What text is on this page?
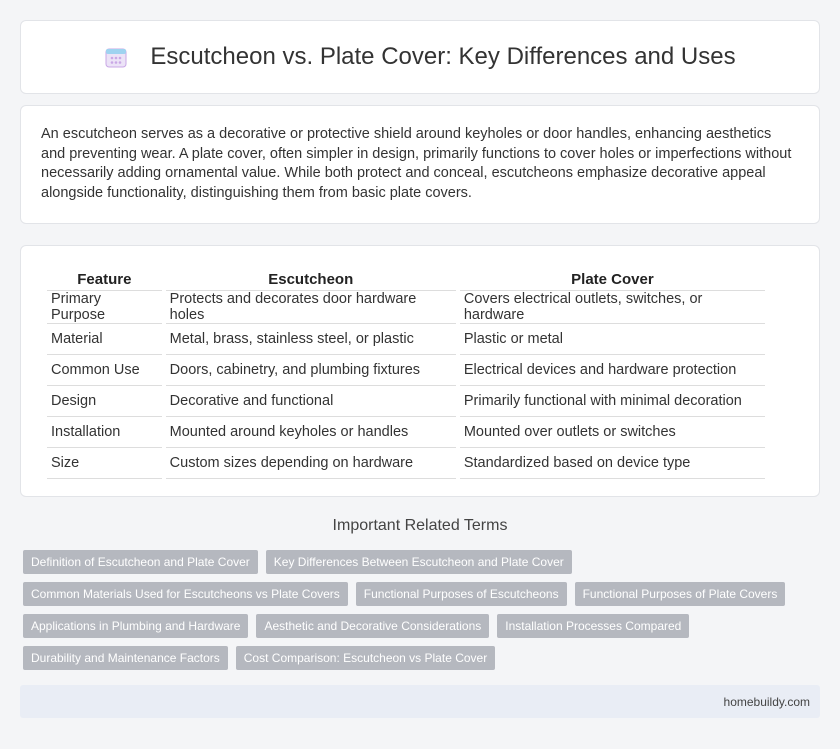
Escutcheon vs. Plate Cover: Key Differences and Uses

An escutcheon serves as a decorative or protective shield around keyholes or door handles, enhancing aesthetics and preventing wear. A plate cover, often simpler in design, primarily functions to cover holes or imperfections without necessarily adding ornamental value. While both protect and conceal, escutcheons emphasize decorative appeal alongside functionality, distinguishing them from basic plate covers.

Feature	Escutcheon	Plate Cover
Primary Purpose	Protects and decorates door hardware holes	Covers electrical outlets, switches, or hardware
Material	Metal, brass, stainless steel, or plastic	Plastic or metal
Common Use	Doors, cabinetry, and plumbing fixtures	Electrical devices and hardware protection
Design	Decorative and functional	Primarily functional with minimal decoration
Installation	Mounted around keyholes or handles	Mounted over outlets or switches
Size	Custom sizes depending on hardware	Standardized based on device type
Important Related Terms
Definition of Escutcheon and Plate Cover	Key Differences Between Escutcheon and Plate Cover
Common Materials Used for Escutcheons vs Plate Covers	Functional Purposes of Escutcheons	Functional Purposes of Plate Covers
Applications in Plumbing and Hardware	Aesthetic and Decorative Considerations	Installation Processes Compared
Durability and Maintenance Factors	Cost Comparison: Escutcheon vs Plate Cover
homebuildy.com
